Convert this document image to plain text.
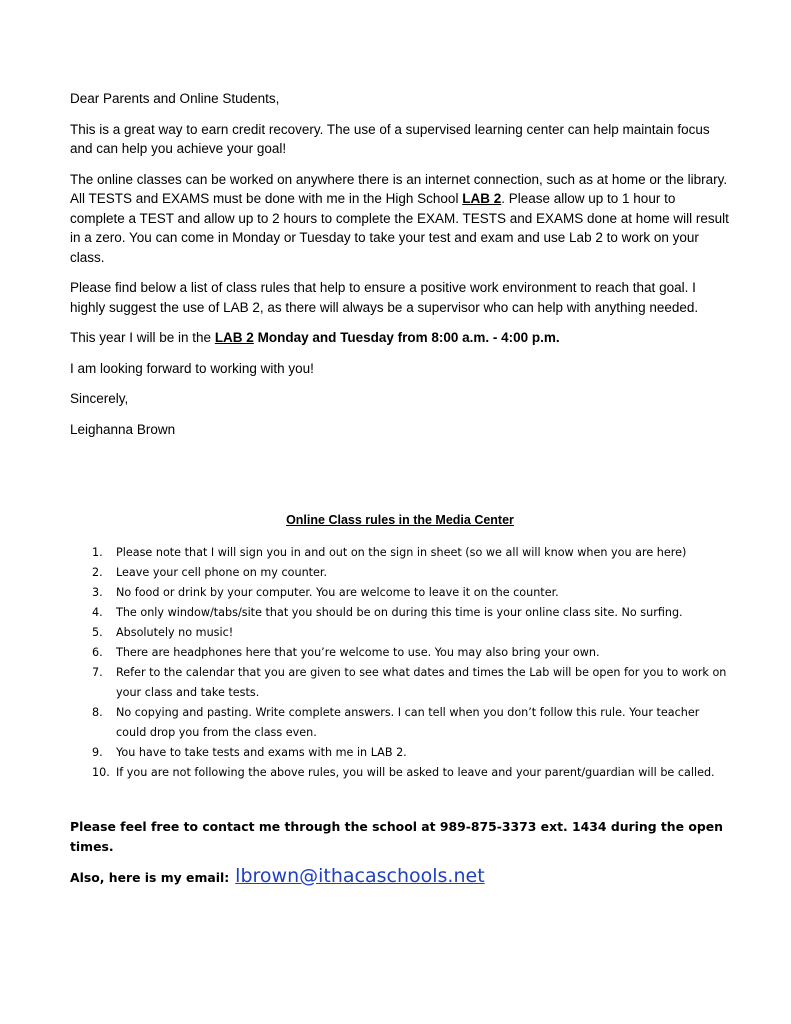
Dear Parents and Online Students,

This is a great way to earn credit recovery. The use of a supervised learning center can help maintain focus and can help you achieve your goal!

The online classes can be worked on anywhere there is an internet connection, such as at home or the library. All TESTS and EXAMS must be done with me in the High School LAB 2. Please allow up to 1 hour to complete a TEST and allow up to 2 hours to complete the EXAM. TESTS and EXAMS done at home will result in a zero. You can come in Monday or Tuesday to take your test and exam and use Lab 2 to work on your class.

Please find below a list of class rules that help to ensure a positive work environment to reach that goal. I highly suggest the use of LAB 2, as there will always be a supervisor who can help with anything needed.

This year I will be in the LAB 2 Monday and Tuesday from 8:00 a.m. - 4:00 p.m.

I am looking forward to working with you!

Sincerely,

Leighanna Brown

Online Class rules in the Media Center
1. Please note that I will sign you in and out on the sign in sheet (so we all will know when you are here)
2. Leave your cell phone on my counter.
3. No food or drink by your computer. You are welcome to leave it on the counter.
4. The only window/tabs/site that you should be on during this time is your online class site. No surfing.
5. Absolutely no music!
6. There are headphones here that you’re welcome to use. You may also bring your own.
7. Refer to the calendar that you are given to see what dates and times the Lab will be open for you to work on your class and take tests.
8. No copying and pasting. Write complete answers. I can tell when you don’t follow this rule. Your teacher could drop you from the class even.
9. You have to take tests and exams with me in LAB 2.
10. If you are not following the above rules, you will be asked to leave and your parent/guardian will be called.
Please feel free to contact me through the school at 989-875-3373 ext. 1434 during the open times.
Also, here is my email: lbrown@ithacaschools.net
